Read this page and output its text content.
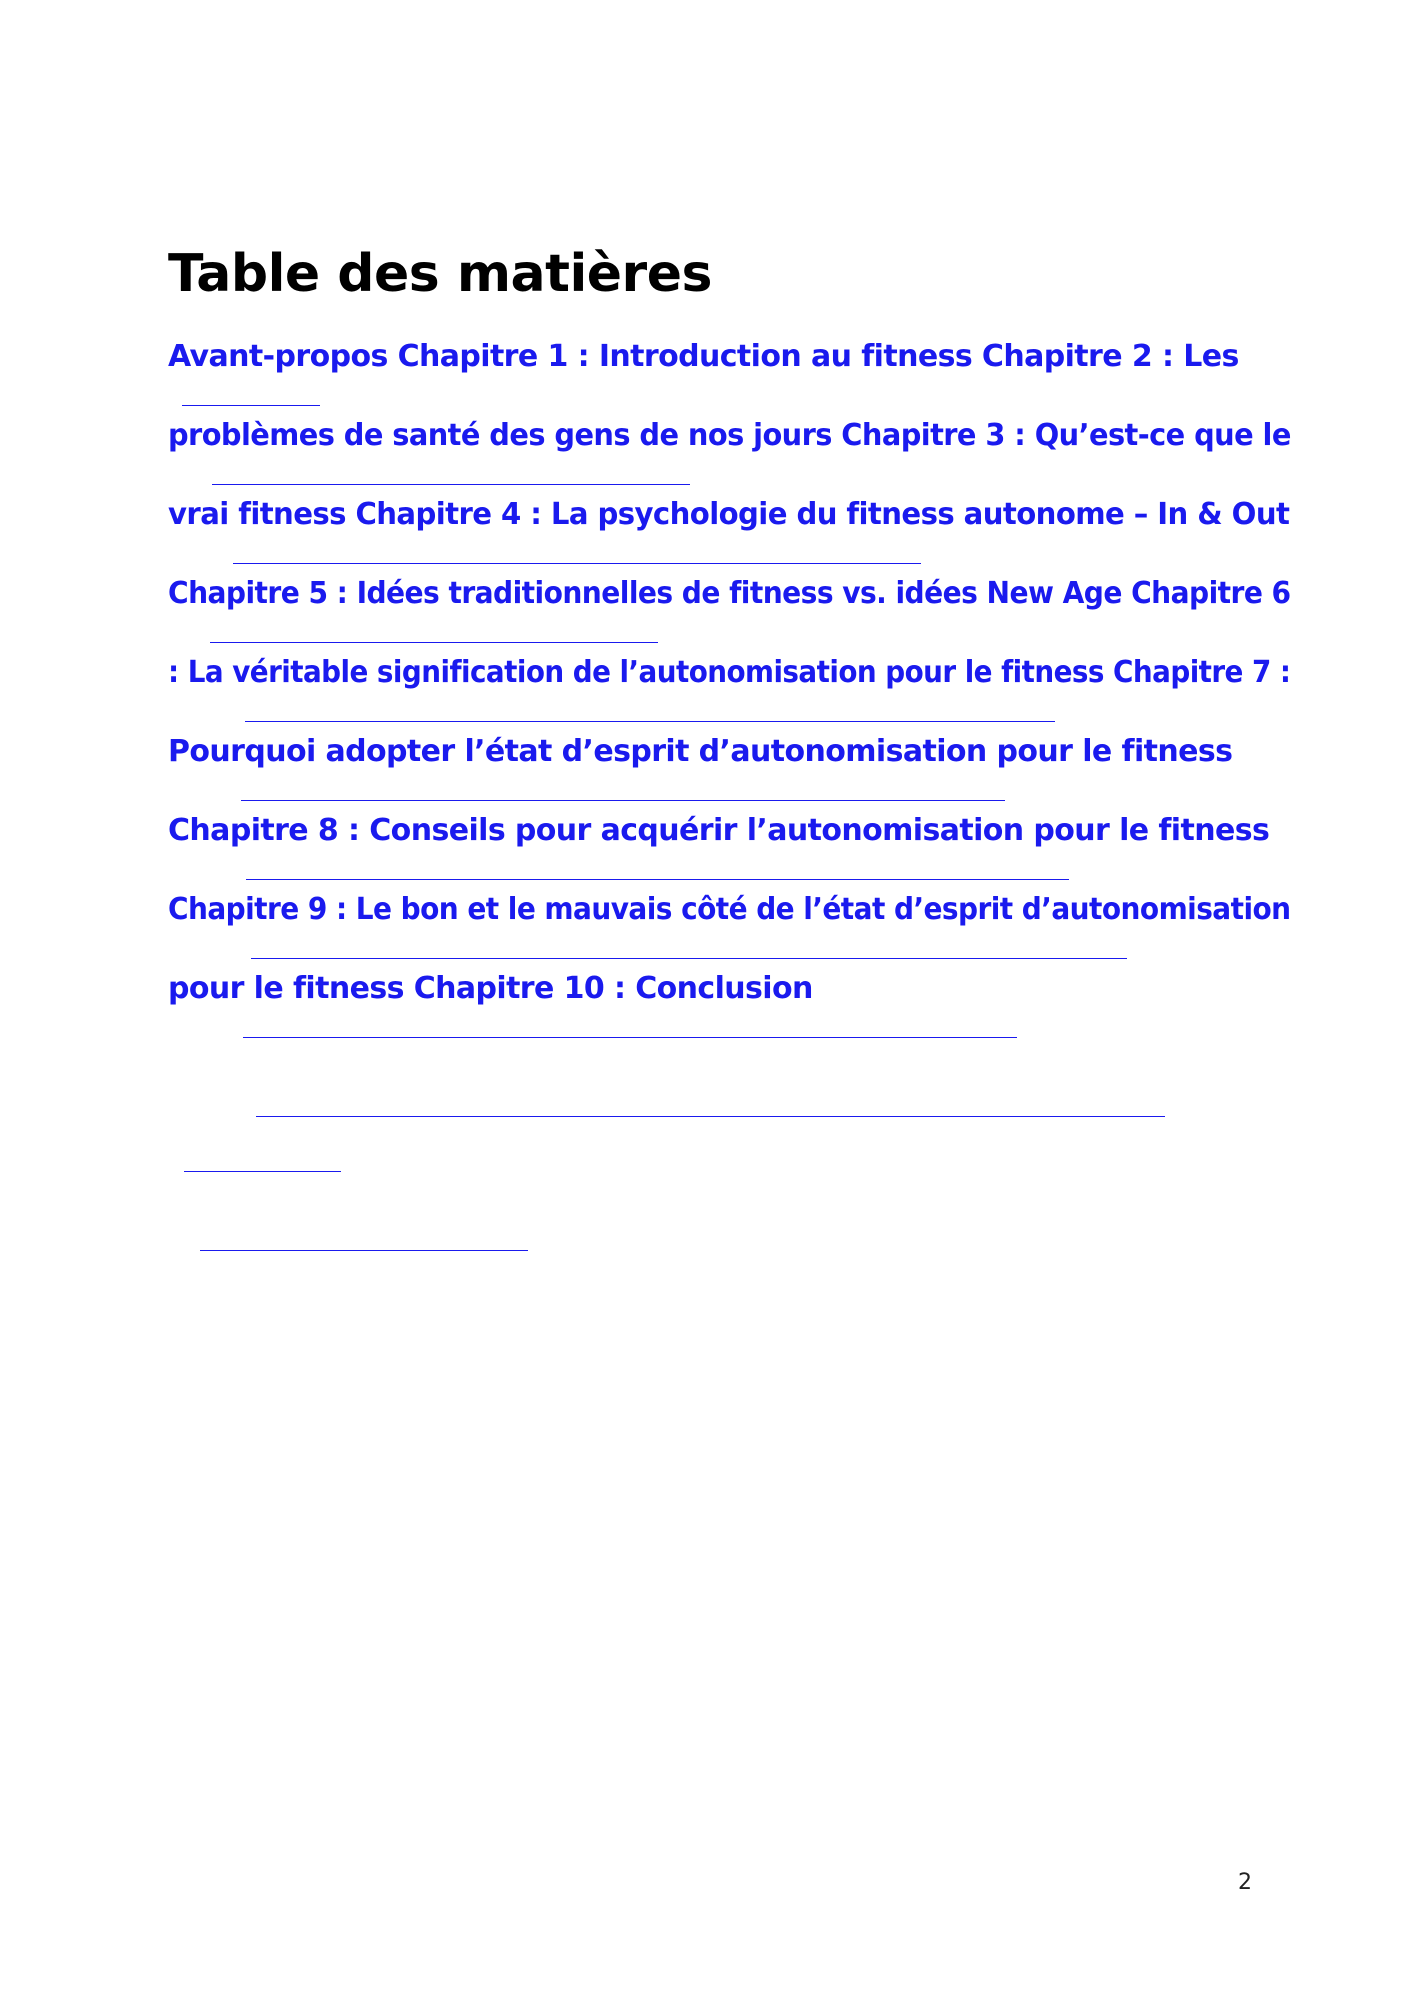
Table des matières
Avant-propos Chapitre 1 : Introduction au fitness Chapitre 2 : Les
problèmes de santé des gens de nos jours Chapitre 3 : Qu’est-ce que le
vrai fitness Chapitre 4 : La psychologie du fitness autonome – In & Out
Chapitre 5 : Idées traditionnelles de fitness vs. idées New Age Chapitre 6
: La véritable signification de l’autonomisation pour le fitness Chapitre 7 :
Pourquoi adopter l’état d’esprit d’autonomisation pour le fitness
Chapitre 8 : Conseils pour acquérir l’autonomisation pour le fitness
Chapitre 9 : Le bon et le mauvais côté de l’état d’esprit d’autonomisation
pour le fitness Chapitre 10 : Conclusion
2
